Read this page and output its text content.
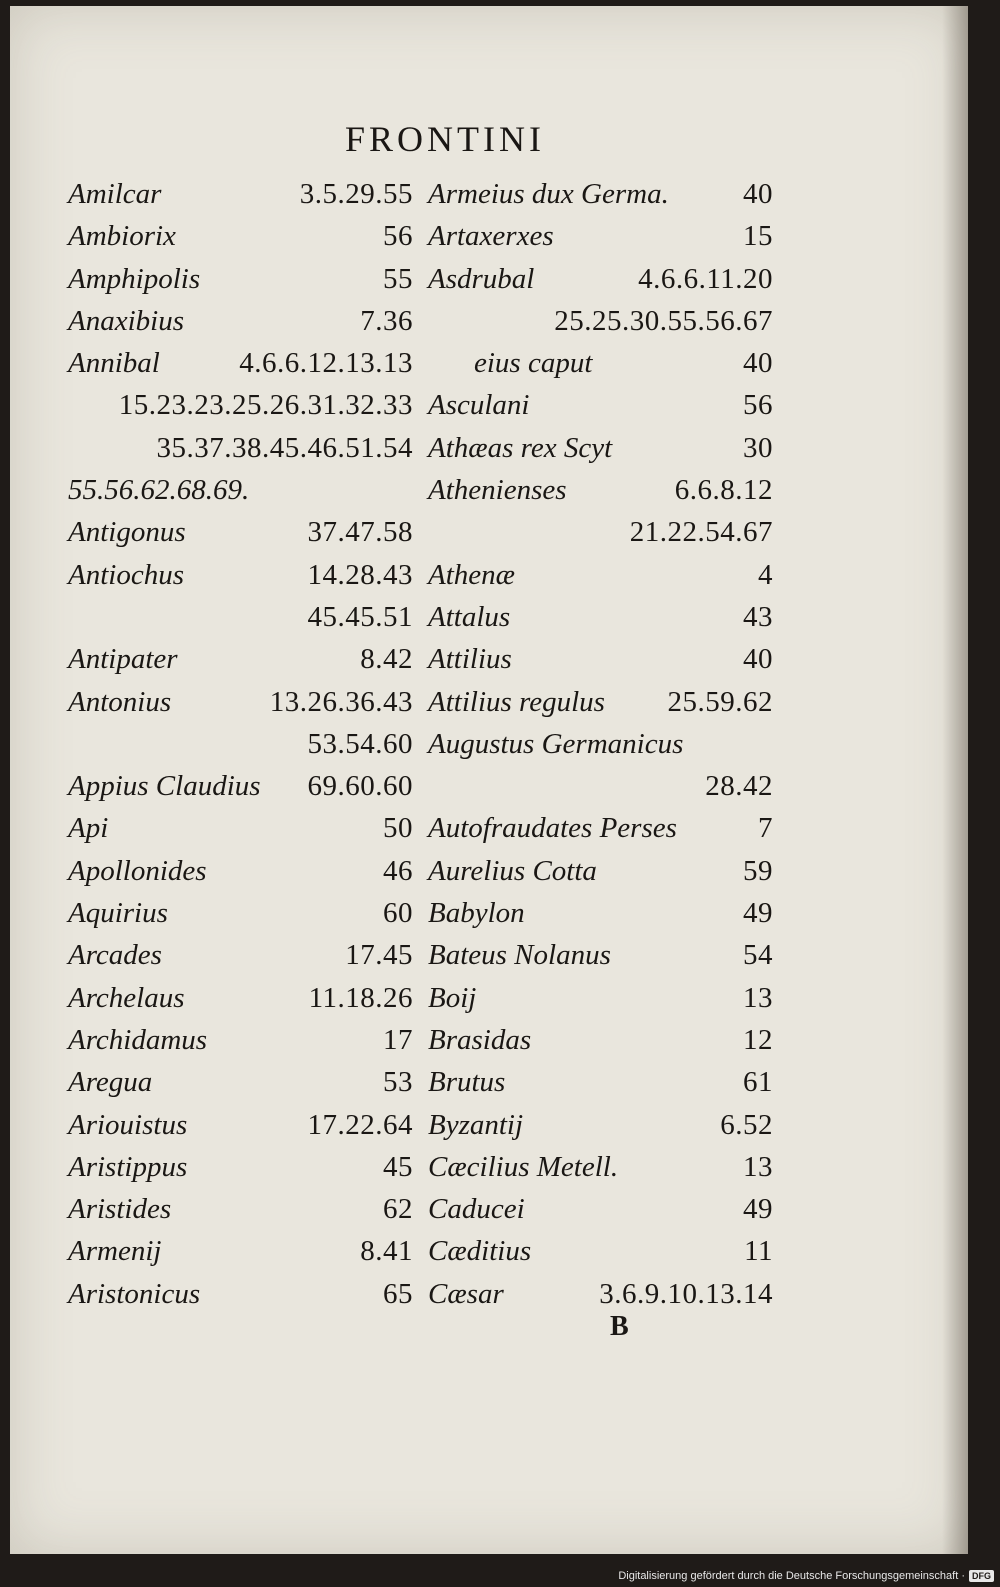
FRONTINI
Amilcar	3.5.29.55
Ambiorix	56
Amphipolis	55
Anaxibius	7.36
Annibal	4.6.6.12.13.13
15.23.23.25.26.31.32.33
35.37.38.45.46.51.54
55.56.62.68.69.
Antigonus	37.47.58
Antiochus	14.28.43
45.45.51
Antipater	8.42
Antonius	13.26.36.43
53.54.60
Appius Claudius 69.60.60
Api	50
Apollonides	46
Aquirius	60
Arcades	17.45
Archelaus	11.18.26
Archidamus	17
Aregua	53
Ariouistus	17.22.64
Aristippus	45
Aristides	62
Armenij	8.41
Aristonicus	65
Armeius dux Germa.	40
Artaxerxes	15
Asdrubal	4.6.6.11.20
25.25.30.55.56.67
eius caput	40
Asculani	56
Athæas rex Scyt	30
Athenienses	6.6.8.12
21.22.54.67
Athenæ	4
Attalus	43
Attilius	40
Attilius regulus 25.59.62
Augustus Germanicus
28.42
Autofraudates Perses	7
Aurelius Cotta	59
Babylon	49
Bateus Nolanus	54
Boij	13
Brasidas	12
Brutus	61
Byzantij	6.52
Cæcilius Metell.	13
Caducei	49
Cæditius	11
Cæsar	3.6.9.10.13.14
B
Digitalisierung gefördert durch die Deutsche Forschungsgemeinschaft · DFG
